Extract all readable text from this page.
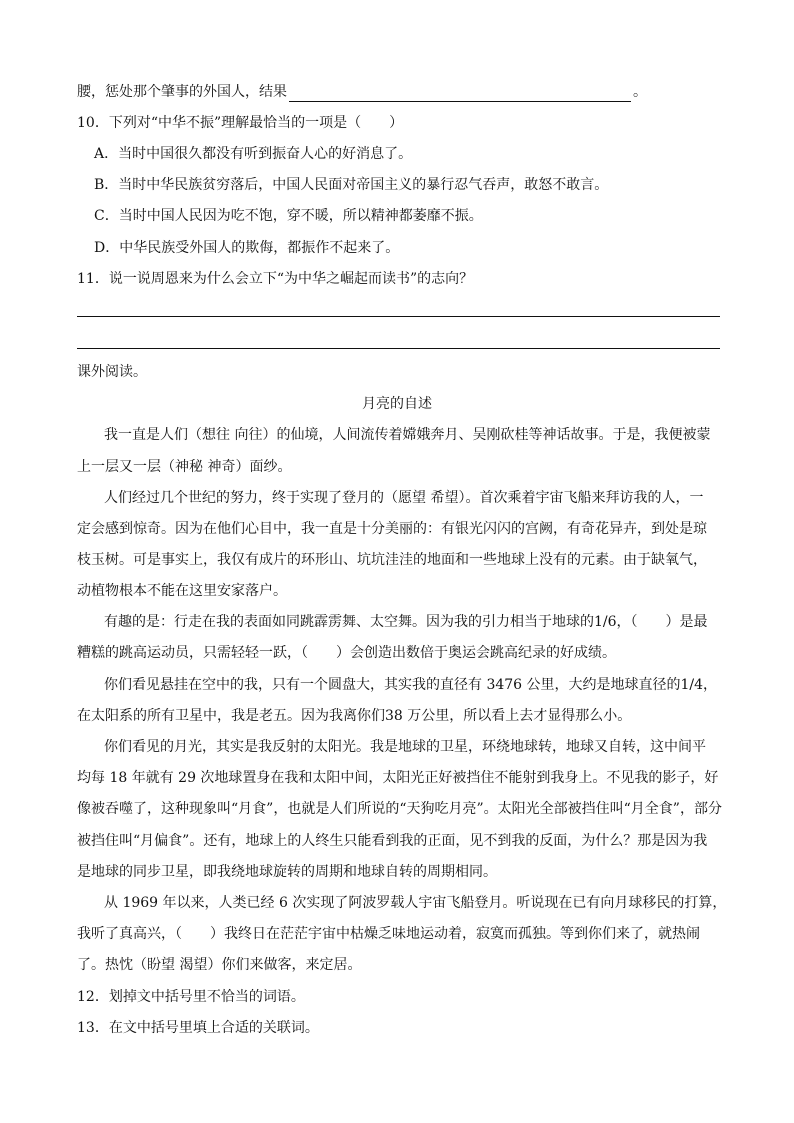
腰，惩处那个肇事的外国人，结果	。
10．下列对“中华不振”理解最恰当的一项是（　　）
A．当时中国很久都没有听到振奋人心的好消息了。
B．当时中华民族贫穷落后，中国人民面对帝国主义的暴行忍气吞声，敢怒不敢言。
C．当时中国人民因为吃不饱，穿不暖，所以精神都萎靡不振。
D．中华民族受外国人的欺侮，都振作不起来了。
11．说一说周恩来为什么会立下“为中华之崛起而读书”的志向？
课外阅读。
月亮的自述
我一直是人们（想往 向往）的仙境，人间流传着嫦娥奔月、吴刚砍桂等神话故事。于是，我便被蒙
上一层又一层（神秘 神奇）面纱。
人们经过几个世纪的努力，终于实现了登月的（愿望 希望）。首次乘着宇宙飞船来拜访我的人，一
定会感到惊奇。因为在他们心目中，我一直是十分美丽的：有银光闪闪的宫阙，有奇花异卉，到处是琼
枝玉树。可是事实上，我仅有成片的环形山、坑坑洼洼的地面和一些地球上没有的元素。由于缺氧气，
动植物根本不能在这里安家落户。
有趣的是：行走在我的表面如同跳霹雳舞、太空舞。因为我的引力相当于地球的1/6，（　　）是最
糟糕的跳高运动员，只需轻轻一跃，（　　）会创造出数倍于奥运会跳高纪录的好成绩。
你们看见悬挂在空中的我，只有一个圆盘大，其实我的直径有 3476 公里，大约是地球直径的1/4，
在太阳系的所有卫星中，我是老五。因为我离你们38 万公里，所以看上去才显得那么小。
你们看见的月光，其实是我反射的太阳光。我是地球的卫星，环绕地球转，地球又自转，这中间平
均每 18 年就有 29 次地球置身在我和太阳中间，太阳光正好被挡住不能射到我身上。不见我的影子，好
像被吞噬了，这种现象叫“月食”，也就是人们所说的“天狗吃月亮”。太阳光全部被挡住叫“月全食”，部分
被挡住叫“月偏食”。还有，地球上的人终生只能看到我的正面，见不到我的反面，为什么？那是因为我
是地球的同步卫星，即我绕地球旋转的周期和地球自转的周期相同。
从 1969 年以来，人类已经 6 次实现了阿波罗载人宇宙飞船登月。听说现在已有向月球移民的打算，
我听了真高兴，（　　）我终日在茫茫宇宙中枯燥乏味地运动着，寂寞而孤独。等到你们来了，就热闹
了。热忱（盼望 渴望）你们来做客，来定居。
12．划掉文中括号里不恰当的词语。
13．在文中括号里填上合适的关联词。
